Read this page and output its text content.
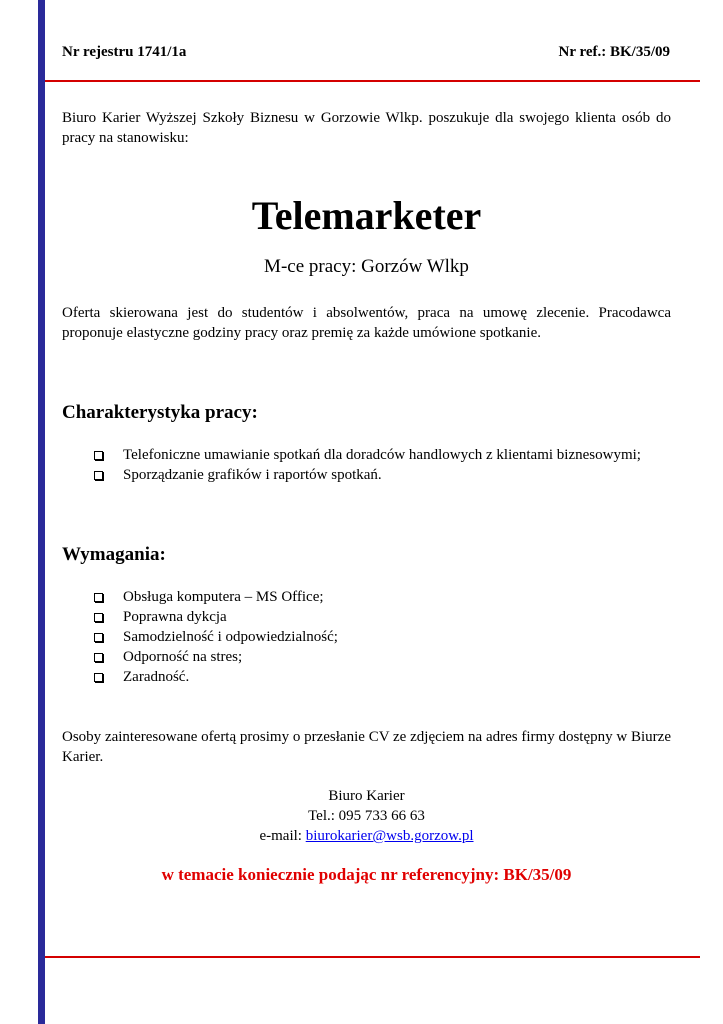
Nr rejestru 1741/1a	Nr ref.: BK/35/09
Biuro Karier Wyższej Szkoły Biznesu w Gorzowie Wlkp. poszukuje dla swojego klienta osób do pracy na stanowisku:
Telemarketer
M-ce pracy: Gorzów Wlkp
Oferta skierowana jest do studentów i absolwentów, praca na umowę zlecenie. Pracodawca proponuje elastyczne godziny pracy oraz premię za każde umówione spotkanie.
Charakterystyka pracy:
Telefoniczne umawianie spotkań dla doradców handlowych z klientami biznesowymi;
Sporządzanie grafików i raportów spotkań.
Wymagania:
Obsługa komputera – MS Office;
Poprawna dykcja
Samodzielność i odpowiedzialność;
Odporność na stres;
Zaradność.
Osoby zainteresowane ofertą prosimy o przesłanie CV ze zdjęciem na adres firmy dostępny w Biurze Karier.
Biuro Karier
Tel.: 095 733 66 63
e-mail: biurokarier@wsb.gorzow.pl
w temacie koniecznie podając nr referencyjny: BK/35/09
